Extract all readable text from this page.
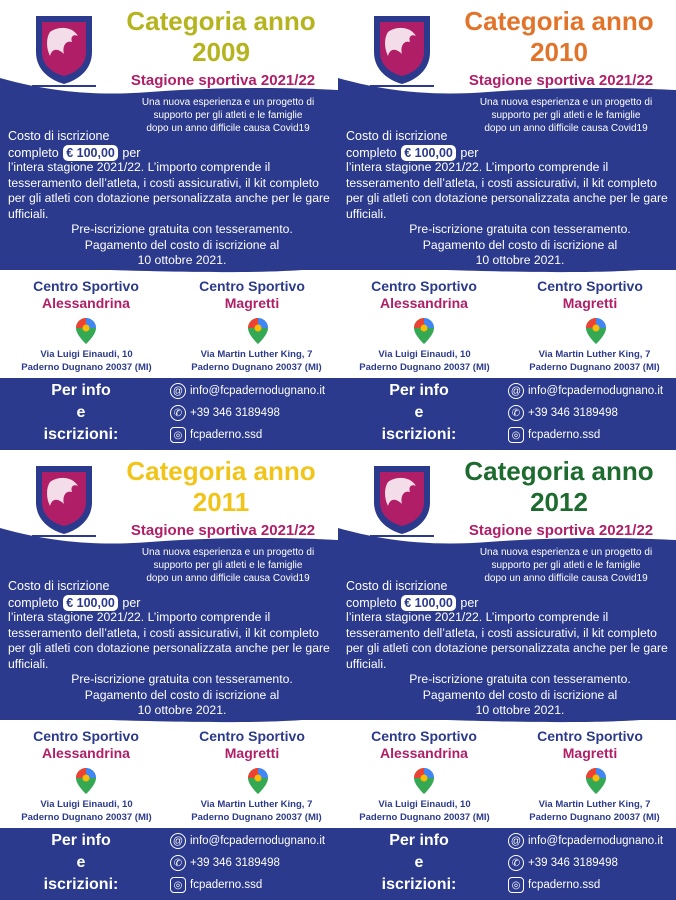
Categoria anno
2009
Stagione sportiva 2021/22
Una nuova esperienza e un progetto di
supporto per gli atleti e le famiglie
dopo un anno difficile causa Covid19
Costo di iscrizione
completo € 100,00 per
l’intera stagione 2021/22. L’importo comprende il tesseramento dell’atleta, i costi assicurativi, il kit completo per gli atleti con dotazione personalizzata anche per le gare ufficiali.
Pre-iscrizione gratuita con tesseramento.
Pagamento del costo di iscrizione al
10 ottobre 2021.
Centro Sportivo
Alessandrina
Centro Sportivo
Magretti
Via Luigi Einaudi, 10
Paderno Dugnano 20037 (MI)
Via Martin Luther King, 7
Paderno Dugnano 20037 (MI)
Per info
e
iscrizioni:
@ info@fcpadernodugnano.it
✆ +39 346 3189498
◎ fcpaderno.ssd
Categoria anno
2010
Stagione sportiva 2021/22
Una nuova esperienza e un progetto di
supporto per gli atleti e le famiglie
dopo un anno difficile causa Covid19
Costo di iscrizione
completo € 100,00 per
l’intera stagione 2021/22. L’importo comprende il tesseramento dell’atleta, i costi assicurativi, il kit completo per gli atleti con dotazione personalizzata anche per le gare ufficiali.
Pre-iscrizione gratuita con tesseramento.
Pagamento del costo di iscrizione al
10 ottobre 2021.
Centro Sportivo
Alessandrina
Centro Sportivo
Magretti
Via Luigi Einaudi, 10
Paderno Dugnano 20037 (MI)
Via Martin Luther King, 7
Paderno Dugnano 20037 (MI)
Per info
e
iscrizioni:
@ info@fcpadernodugnano.it
✆ +39 346 3189498
◎ fcpaderno.ssd
Categoria anno
2011
Stagione sportiva 2021/22
Una nuova esperienza e un progetto di
supporto per gli atleti e le famiglie
dopo un anno difficile causa Covid19
Costo di iscrizione
completo € 100,00 per
l’intera stagione 2021/22. L’importo comprende il tesseramento dell’atleta, i costi assicurativi, il kit completo per gli atleti con dotazione personalizzata anche per le gare ufficiali.
Pre-iscrizione gratuita con tesseramento.
Pagamento del costo di iscrizione al
10 ottobre 2021.
Centro Sportivo
Alessandrina
Centro Sportivo
Magretti
Via Luigi Einaudi, 10
Paderno Dugnano 20037 (MI)
Via Martin Luther King, 7
Paderno Dugnano 20037 (MI)
Per info
e
iscrizioni:
@ info@fcpadernodugnano.it
✆ +39 346 3189498
◎ fcpaderno.ssd
Categoria anno
2012
Stagione sportiva 2021/22
Una nuova esperienza e un progetto di
supporto per gli atleti e le famiglie
dopo un anno difficile causa Covid19
Costo di iscrizione
completo € 100,00 per
l’intera stagione 2021/22. L’importo comprende il tesseramento dell’atleta, i costi assicurativi, il kit completo per gli atleti con dotazione personalizzata anche per le gare ufficiali.
Pre-iscrizione gratuita con tesseramento.
Pagamento del costo di iscrizione al
10 ottobre 2021.
Centro Sportivo
Alessandrina
Centro Sportivo
Magretti
Via Luigi Einaudi, 10
Paderno Dugnano 20037 (MI)
Via Martin Luther King, 7
Paderno Dugnano 20037 (MI)
Per info
e
iscrizioni:
@ info@fcpadernodugnano.it
✆ +39 346 3189498
◎ fcpaderno.ssd
